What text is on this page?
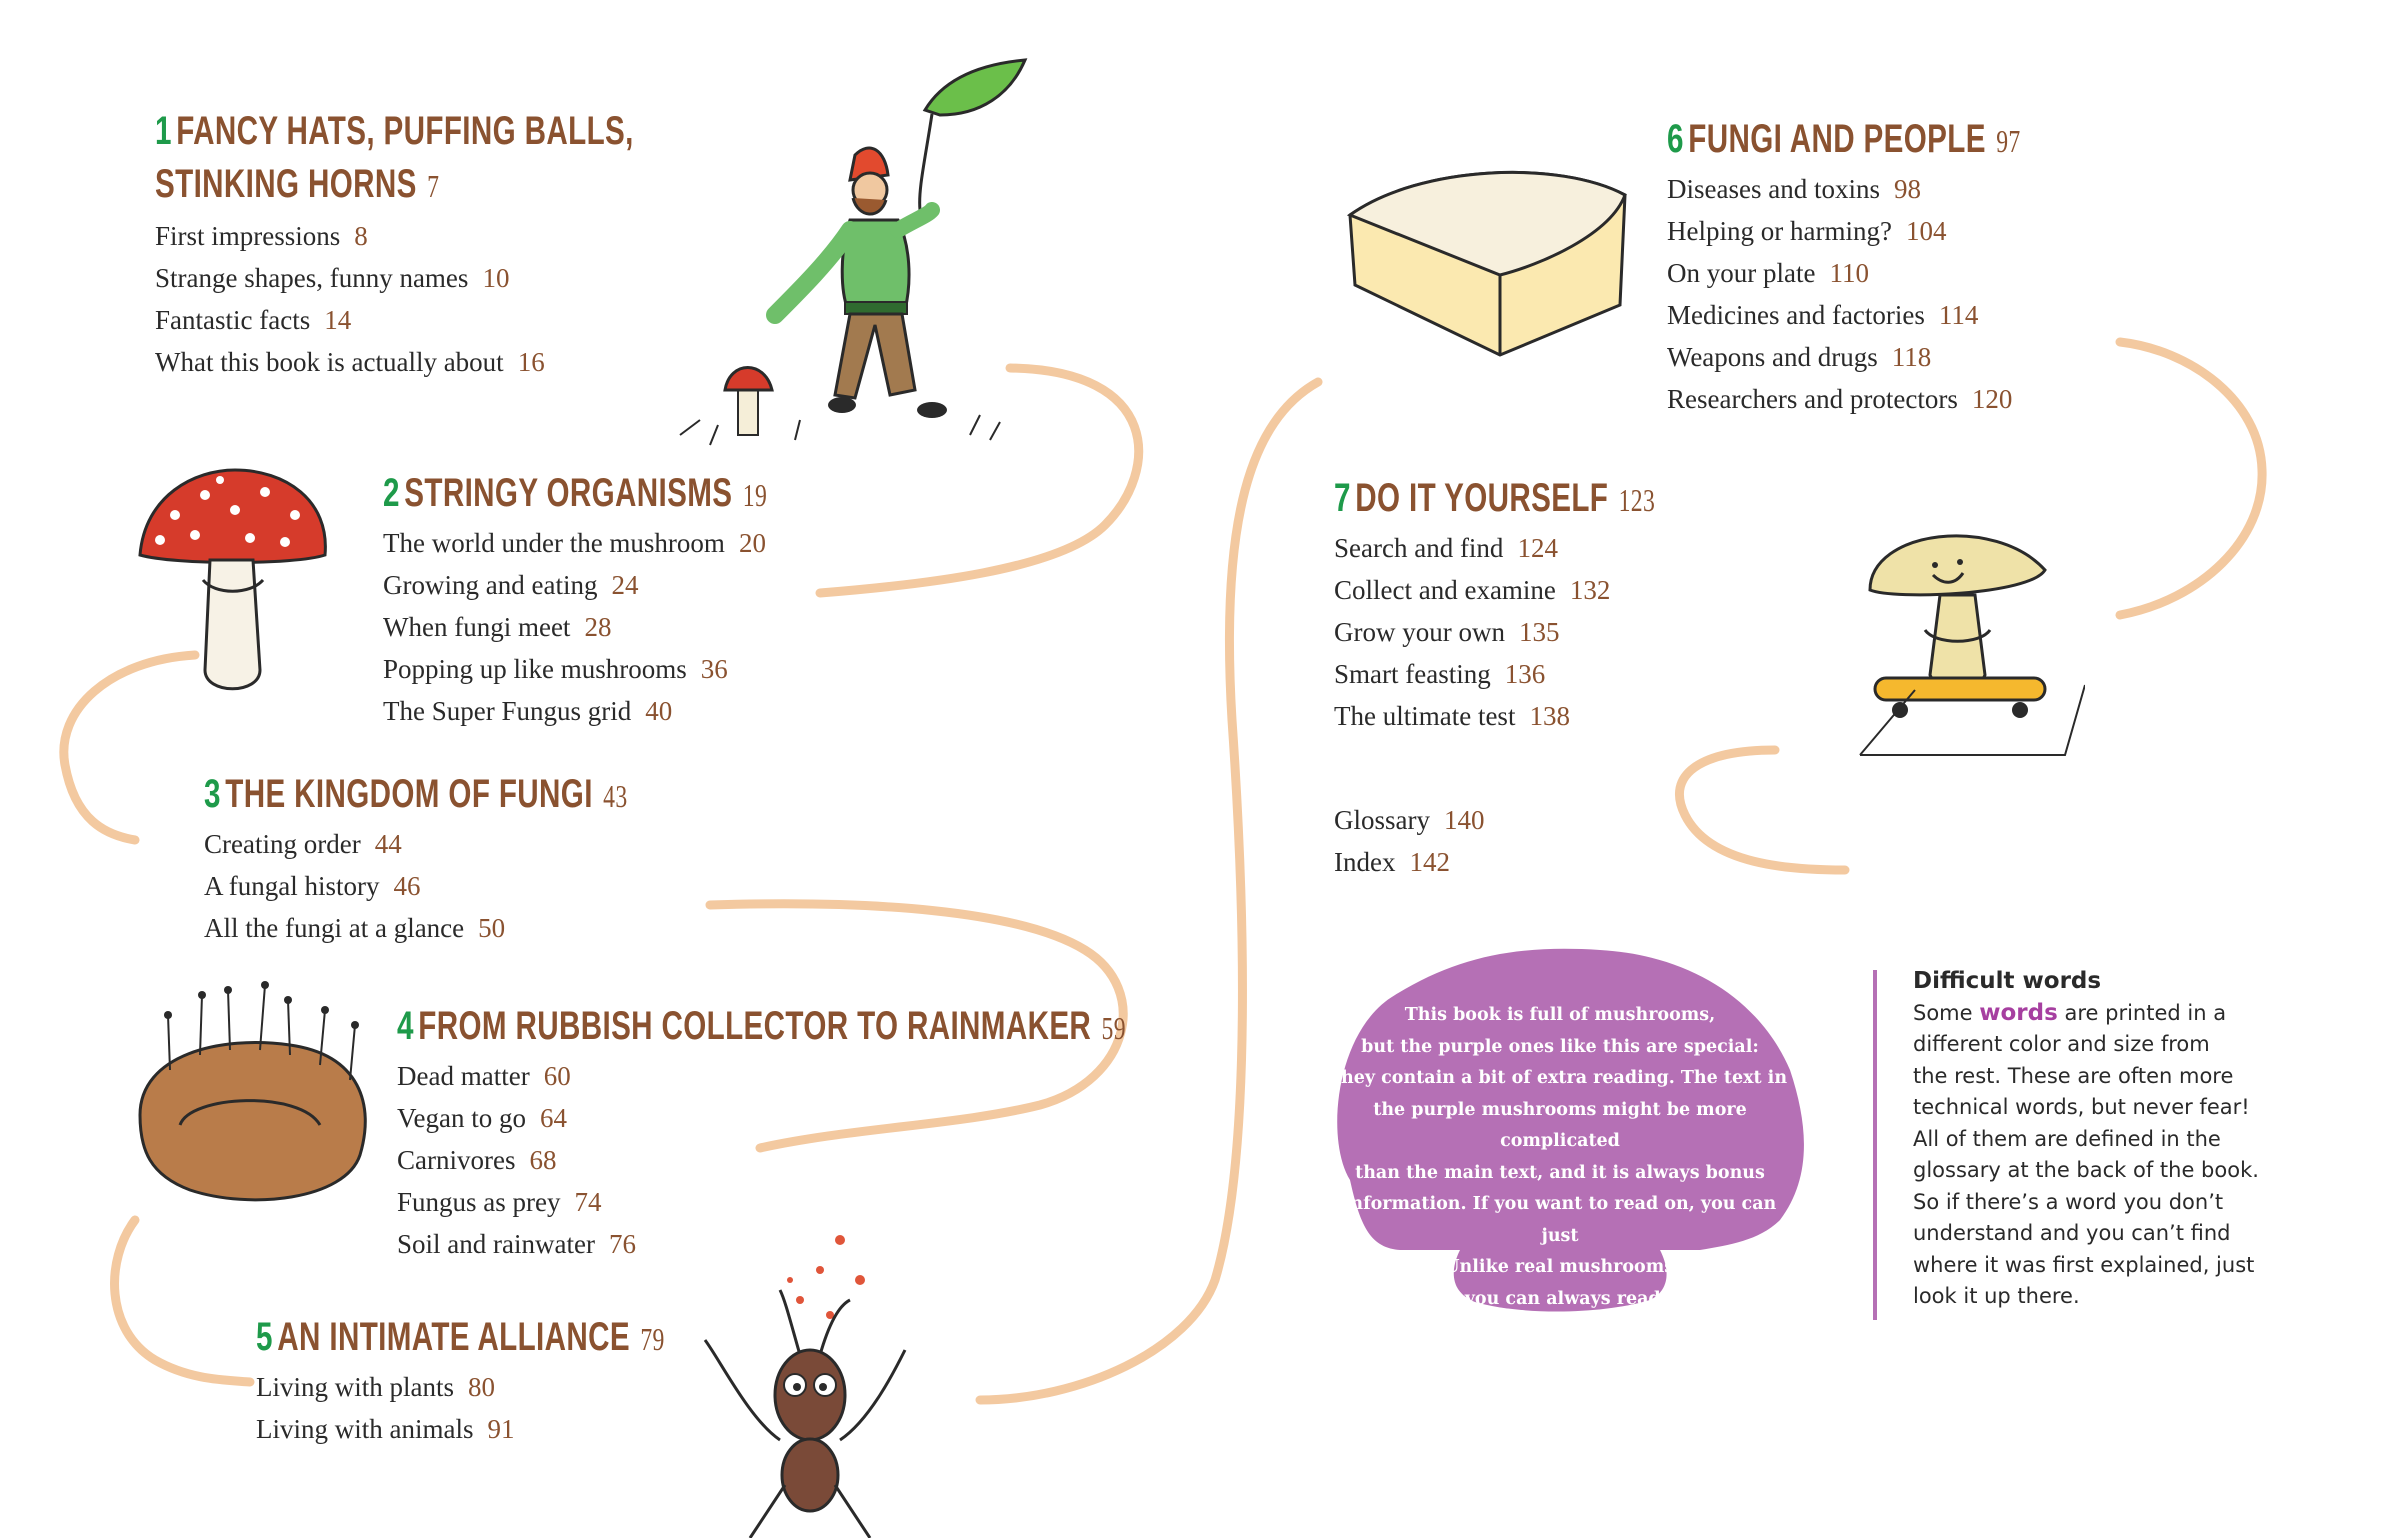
1 FANCY HATS, PUFFING BALLS,
STINKING HORNS 7
First impressions 8
Strange shapes, funny names 10
Fantastic facts 14
What this book is actually about 16
2 STRINGY ORGANISMS 19
The world under the mushroom 20
Growing and eating 24
When fungi meet 28
Popping up like mushrooms 36
The Super Fungus grid 40
3 THE KINGDOM OF FUNGI 43
Creating order 44
A fungal history 46
All the fungi at a glance 50
4 FROM RUBBISH COLLECTOR TO RAINMAKER 59
Dead matter 60
Vegan to go 64
Carnivores 68
Fungus as prey 74
Soil and rainwater 76
5 AN INTIMATE ALLIANCE 79
Living with plants 80
Living with animals 91
6 FUNGI AND PEOPLE 97
Diseases and toxins 98
Helping or harming? 104
On your plate 110
Medicines and factories 114
Weapons and drugs 118
Researchers and protectors 120
7 DO IT YOURSELF 123
Search and find 124
Collect and examine 132
Grow your own 135
Smart feasting 136
The ultimate test 138
Glossary 140
Index 142
This book is full of mushrooms,
but the purple ones like this are special:
they contain a bit of extra reading. The text in
the purple mushrooms might be more complicated
than the main text, and it is always bonus
information. If you want to read on, you can just
skip them. Unlike real mushrooms, they don’t
disappear, so you can always read them later if
you feel like learning more.
Difficult words
Some words are printed in a
different color and size from
the rest. These are often more
technical words, but never fear!
All of them are defined in the
glossary at the back of the book.
So if there’s a word you don’t
understand and you can’t find
where it was first explained, just
look it up there.
